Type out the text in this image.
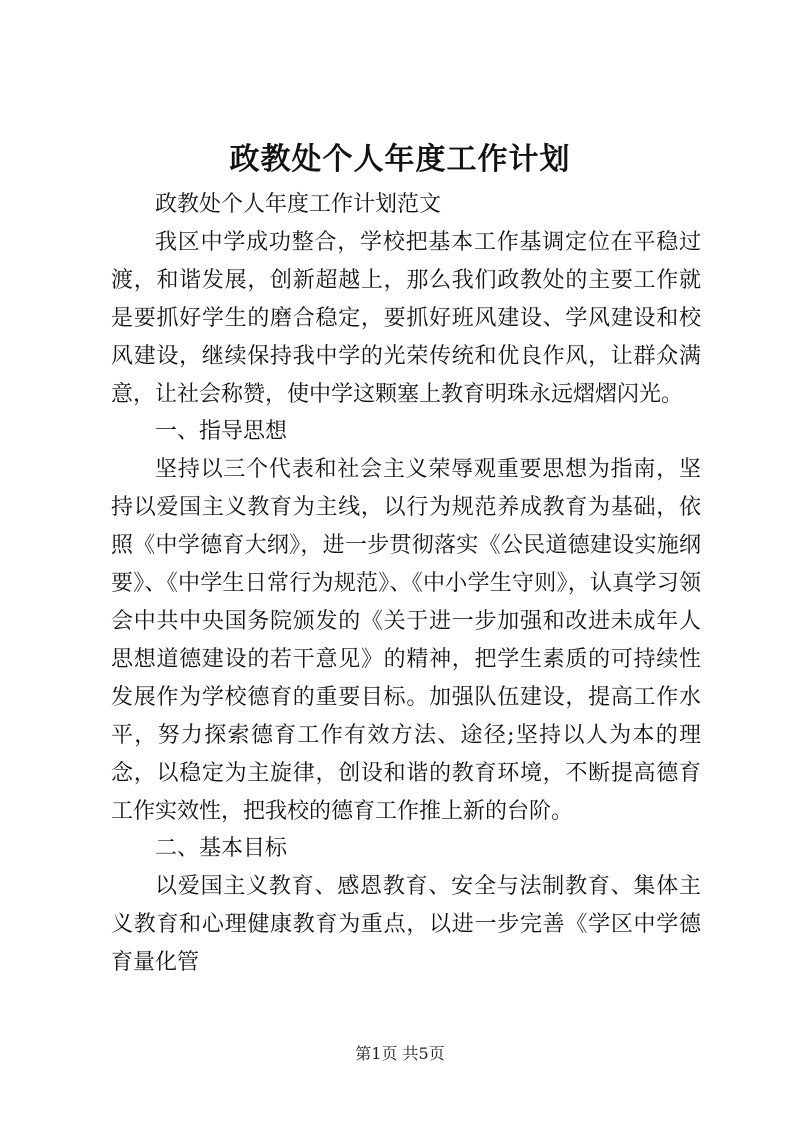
政教处个人年度工作计划

政教处个人年度工作计划范文

我区中学成功整合，学校把基本工作基调定位在平稳过渡，和谐发展，创新超越上，那么我们政教处的主要工作就是要抓好学生的磨合稳定，要抓好班风建设、学风建设和校风建设，继续保持我中学的光荣传统和优良作风，让群众满意，让社会称赞，使中学这颗塞上教育明珠永远熠熠闪光。

一、指导思想

坚持以三个代表和社会主义荣辱观重要思想为指南，坚持以爱国主义教育为主线，以行为规范养成教育为基础，依照《中学德育大纲》，进一步贯彻落实《公民道德建设实施纲要》、《中学生日常行为规范》、《中小学生守则》，认真学习领会中共中央国务院颁发的《关于进一步加强和改进未成年人思想道德建设的若干意见》的精神，把学生素质的可持续性发展作为学校德育的重要目标。加强队伍建设，提高工作水平，努力探索德育工作有效方法、途径;坚持以人为本的理念，以稳定为主旋律，创设和谐的教育环境，不断提高德育工作实效性，把我校的德育工作推上新的台阶。

二、基本目标

以爱国主义教育、感恩教育、安全与法制教育、集体主义教育和心理健康教育为重点，以进一步完善《学区中学德育量化管

第1页 共5页
